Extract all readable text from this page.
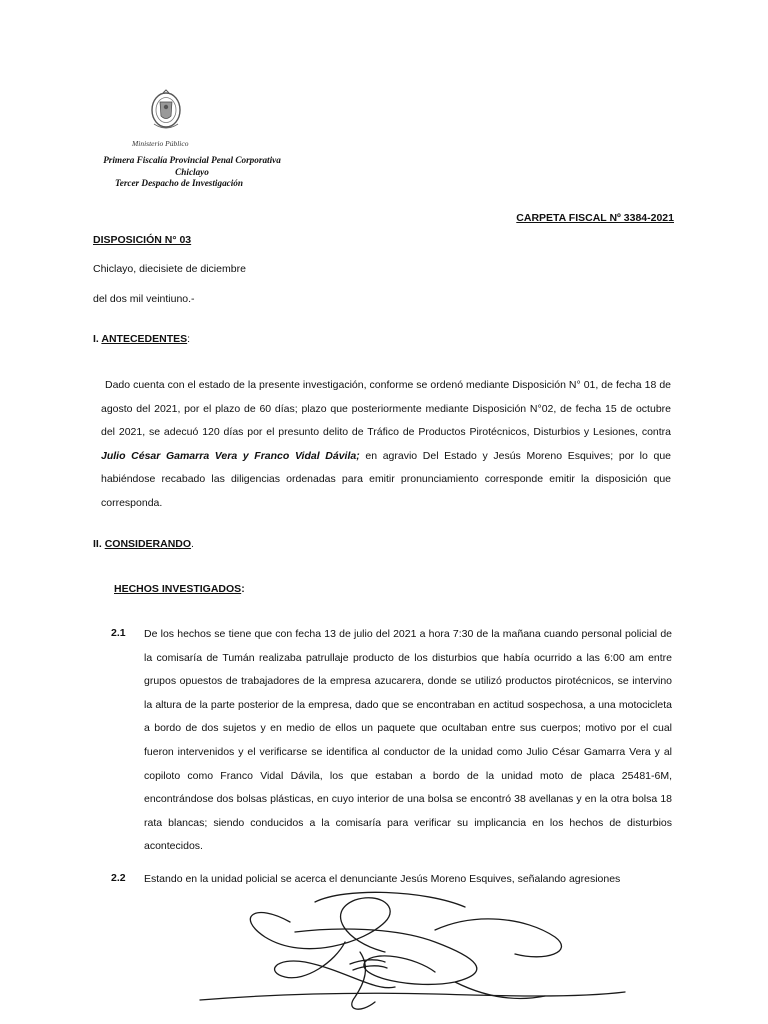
Ministerio Público
Primera Fiscalía Provincial Penal Corporativa
Chiclayo
Tercer Despacho de Investigación
CARPETA FISCAL Nº 3384-2021
DISPOSICIÓN N° 03
Chiclayo, diecisiete de diciembre
del dos mil veintiuno.-
I. ANTECEDENTES:
Dado cuenta con el estado de la presente investigación, conforme se ordenó mediante Disposición N° 01, de fecha 18 de agosto del 2021, por el plazo de 60 días; plazo que posteriormente mediante Disposición N°02, de fecha 15 de octubre del 2021, se adecuó 120 días por el presunto delito de Tráfico de Productos Pirotécnicos, Disturbios y Lesiones, contra Julio César Gamarra Vera y Franco Vidal Dávila; en agravio Del Estado y Jesús Moreno Esquives; por lo que habiéndose recabado las diligencias ordenadas para emitir pronunciamiento corresponde emitir la disposición que corresponda.
II. CONSIDERANDO.
HECHOS INVESTIGADOS:
2.1 De los hechos se tiene que con fecha 13 de julio del 2021 a hora 7:30 de la mañana cuando personal policial de la comisaría de Tumán realizaba patrullaje producto de los disturbios que había ocurrido a las 6:00 am entre grupos opuestos de trabajadores de la empresa azucarera, donde se utilizó productos pirotécnicos, se intervino la altura de la parte posterior de la empresa, dado que se encontraban en actitud sospechosa, a una motocicleta a bordo de dos sujetos y en medio de ellos un paquete que ocultaban entre sus cuerpos; motivo por el cual fueron intervenidos y el verificarse se identifica al conductor de la unidad como Julio César Gamarra Vera y al copiloto como Franco Vidal Dávila, los que estaban a bordo de la unidad moto de placa 25481-6M, encontrándose dos bolsas plásticas, en cuyo interior de una bolsa se encontró 38 avellanas y en la otra bolsa 18 rata blancas; siendo conducidos a la comisaría para verificar su implicancia en los hechos de disturbios acontecidos.
2.2 Estando en la unidad policial se acerca el denunciante Jesús Moreno Esquives, señalando agresiones
